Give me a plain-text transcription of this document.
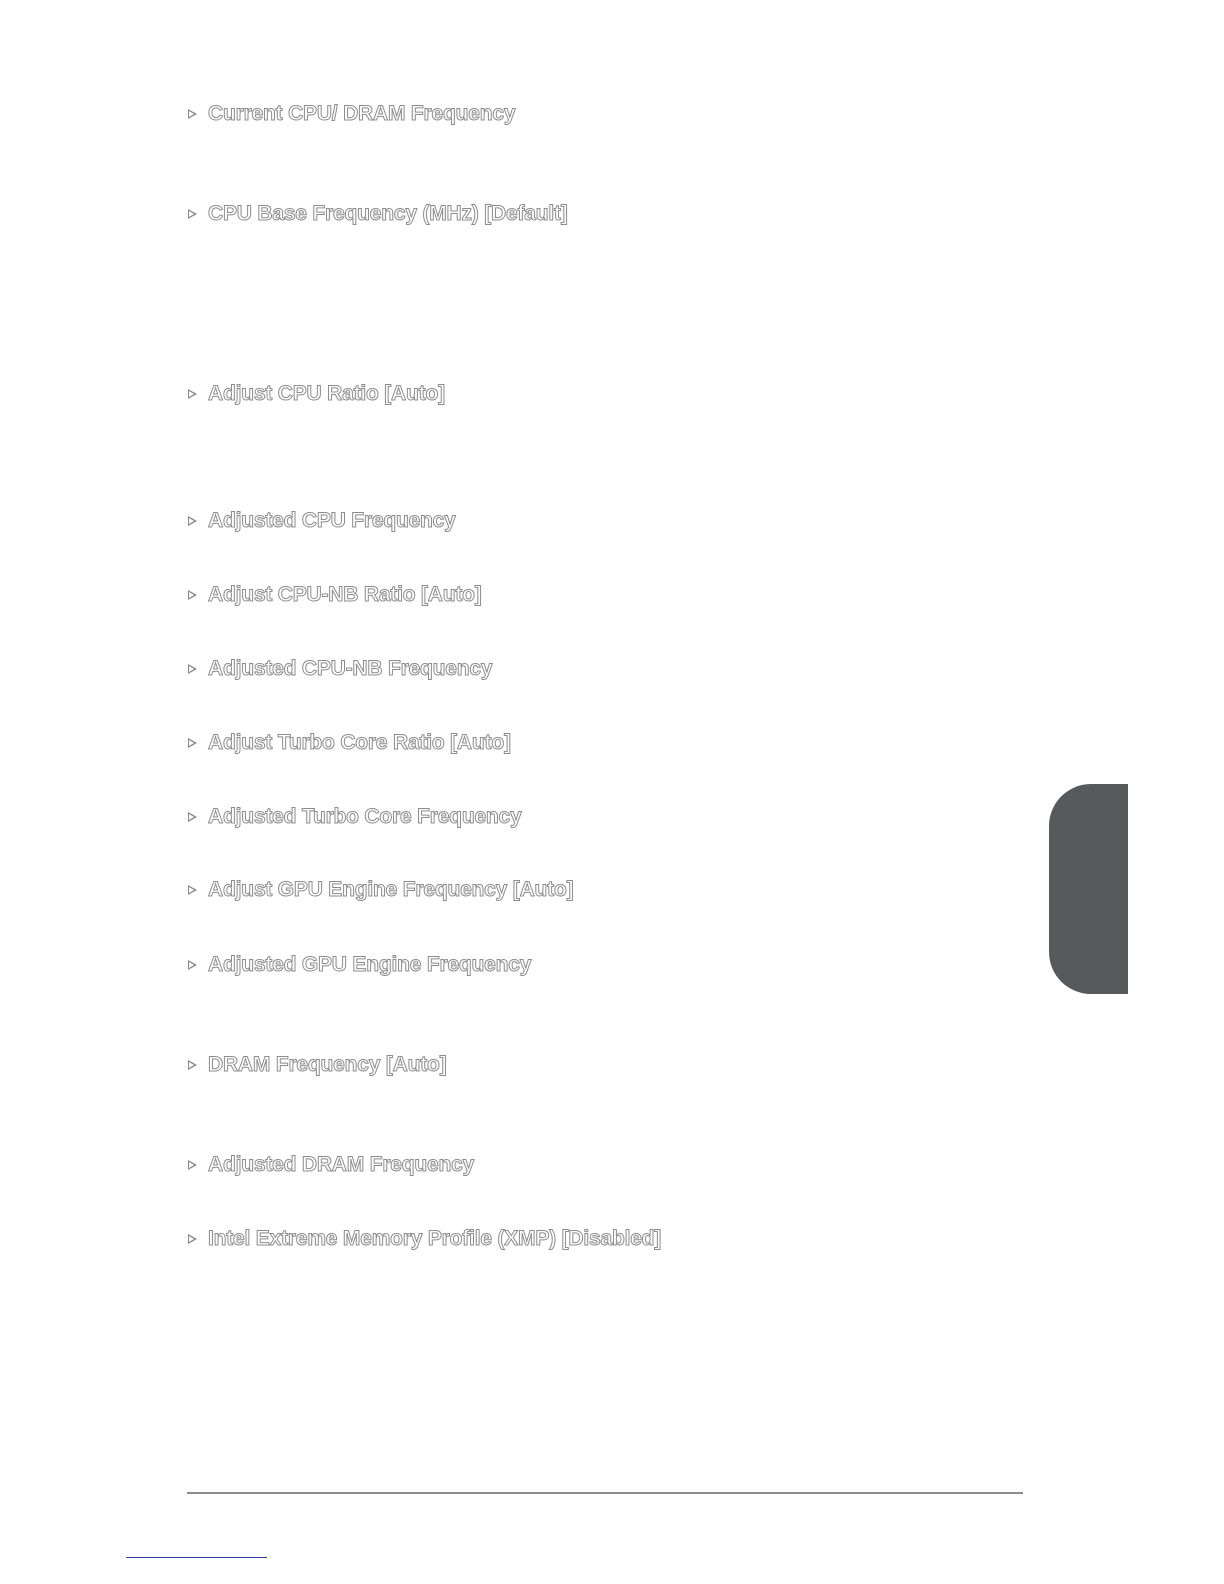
Current CPU/ DRAM Frequency
CPU Base Frequency (MHz) [Default]
Adjust CPU Ratio [Auto]
Adjusted CPU Frequency
Adjust CPU-NB Ratio [Auto]
Adjusted CPU-NB Frequency
Adjust Turbo Core Ratio [Auto]
Adjusted Turbo Core Frequency
Adjust GPU Engine Frequency [Auto]
Adjusted GPU Engine Frequency
DRAM Frequency [Auto]
Adjusted DRAM Frequency
Intel Extreme Memory Profile (XMP) [Disabled]
